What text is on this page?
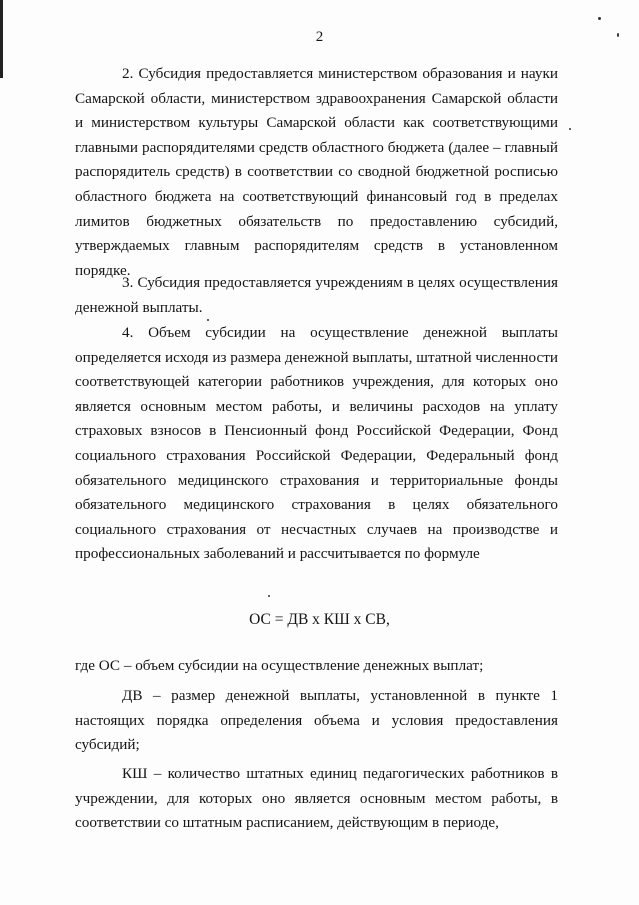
2

2. Субсидия предоставляется министерством образования и науки Самарской области, министерством здравоохранения Самарской области и министерством культуры Самарской области как соответствующими главными распорядителями средств областного бюджета (далее – главный распорядитель средств) в соответствии со сводной бюджетной росписью областного бюджета на соответствующий финансовый год в пределах лимитов бюджетных обязательств по предоставлению субсидий, утверждаемых главным распорядителям средств в установленном порядке.

3. Субсидия предоставляется учреждениям в целях осуществления денежной выплаты.

4. Объем субсидии на осуществление денежной выплаты определяется исходя из размера денежной выплаты, штатной численности соответствующей категории работников учреждения, для которых оно является основным местом работы, и величины расходов на уплату страховых взносов в Пенсионный фонд Российской Федерации, Фонд социального страхования Российской Федерации, Федеральный фонд обязательного медицинского страхования и территориальные фонды обязательного медицинского страхования в целях обязательного социального страхования от несчастных случаев на производстве и профессиональных заболеваний и рассчитывается по формуле

ОС = ДВ х КШ х СВ,

где ОС – объем субсидии на осуществление денежных выплат;

ДВ – размер денежной выплаты, установленной в пункте 1 настоящих порядка определения объема и условия предоставления субсидий;

КШ – количество штатных единиц педагогических работников в учреждении, для которых оно является основным местом работы, в соответствии со штатным расписанием, действующим в периоде,
